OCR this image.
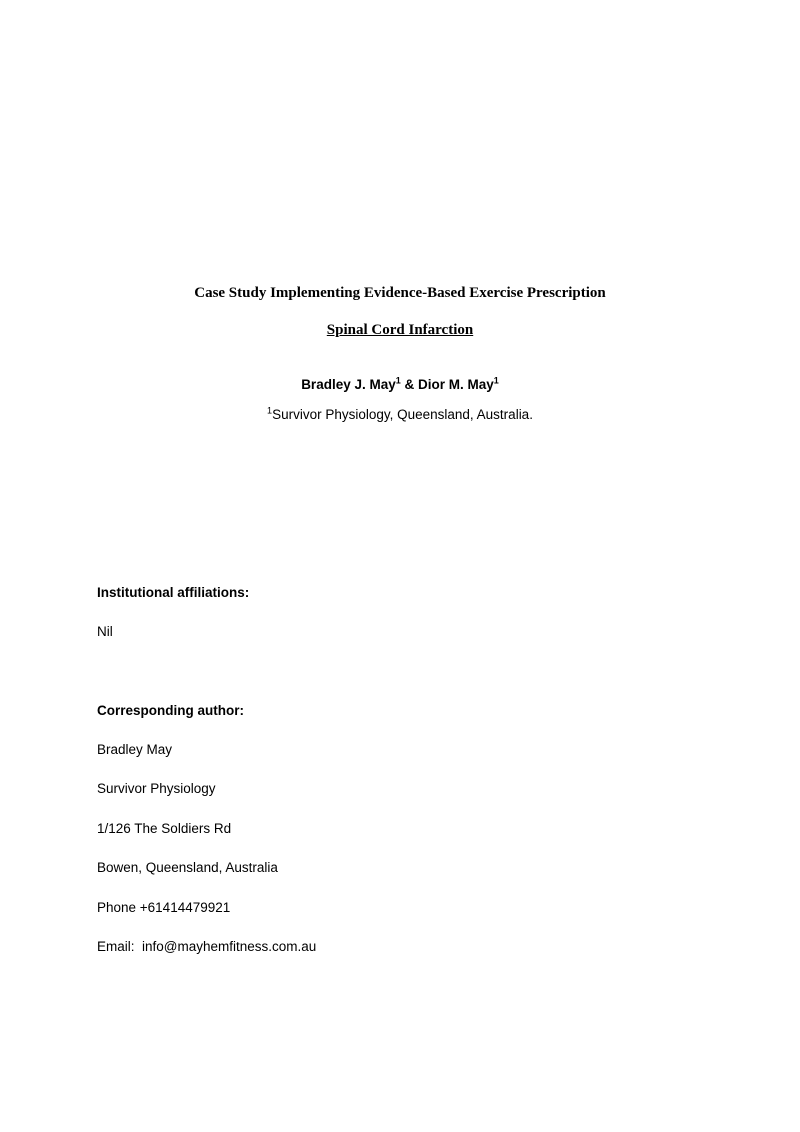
Case Study Implementing Evidence-Based Exercise Prescription
Spinal Cord Infarction
Bradley J. May$^1$ & Dior M. May$^1$
$^1$Survivor Physiology, Queensland, Australia.
Institutional affiliations:
Nil
Corresponding author:
Bradley May
Survivor Physiology
1/126 The Soldiers Rd
Bowen, Queensland, Australia
Phone +61414479921
Email:  info@mayhemfitness.com.au
